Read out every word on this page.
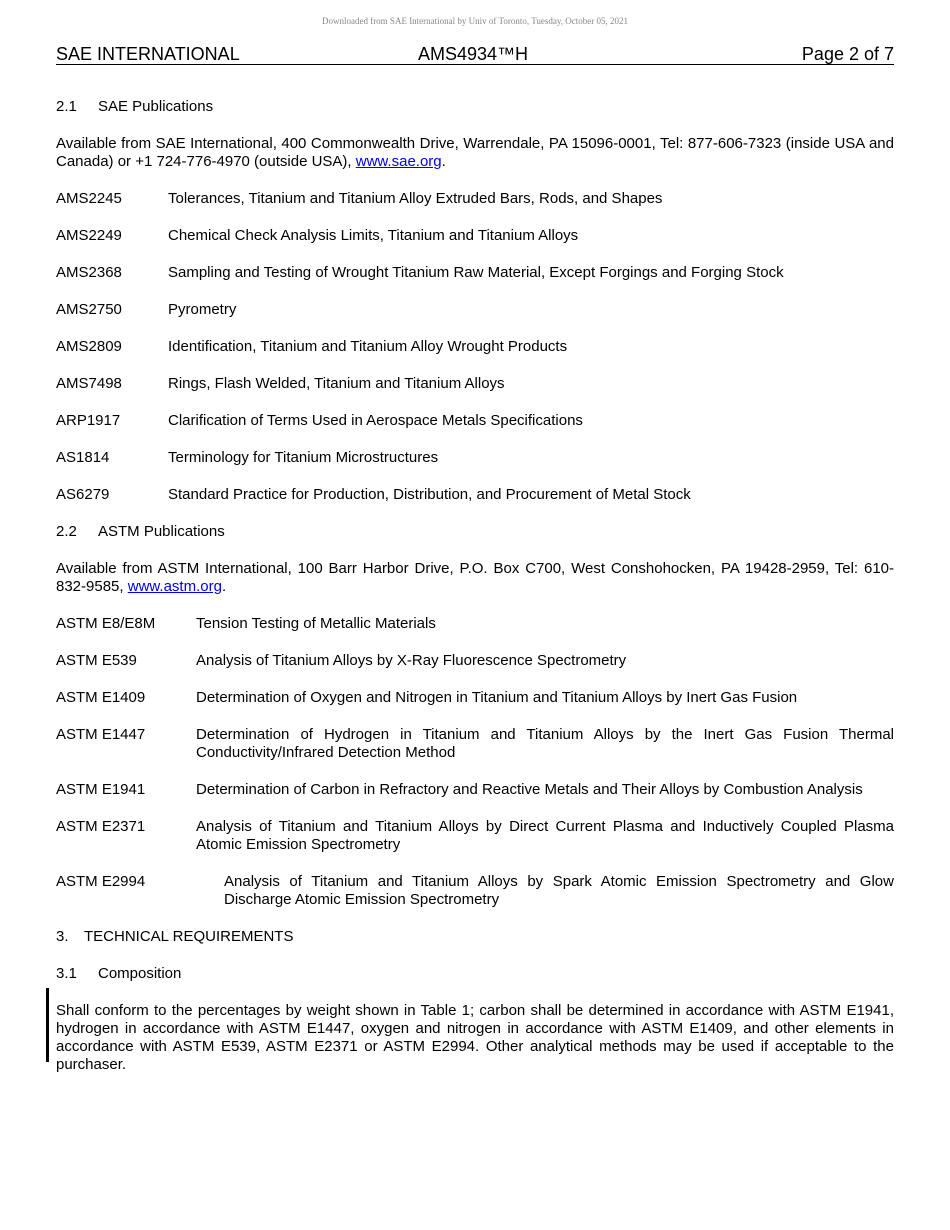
Downloaded from SAE International by Univ of Toronto, Tuesday, October 05, 2021
SAE INTERNATIONAL	AMS4934™H	Page 2 of 7
2.1	SAE Publications
Available from SAE International, 400 Commonwealth Drive, Warrendale, PA 15096-0001, Tel: 877-606-7323 (inside USA and Canada) or +1 724-776-4970 (outside USA), www.sae.org.
AMS2245	Tolerances, Titanium and Titanium Alloy Extruded Bars, Rods, and Shapes
AMS2249	Chemical Check Analysis Limits, Titanium and Titanium Alloys
AMS2368	Sampling and Testing of Wrought Titanium Raw Material, Except Forgings and Forging Stock
AMS2750	Pyrometry
AMS2809	Identification, Titanium and Titanium Alloy Wrought Products
AMS7498	Rings, Flash Welded, Titanium and Titanium Alloys
ARP1917	Clarification of Terms Used in Aerospace Metals Specifications
AS1814	Terminology for Titanium Microstructures
AS6279	Standard Practice for Production, Distribution, and Procurement of Metal Stock
2.2	ASTM Publications
Available from ASTM International, 100 Barr Harbor Drive, P.O. Box C700, West Conshohocken, PA 19428-2959, Tel: 610-832-9585, www.astm.org.
ASTM E8/E8M	Tension Testing of Metallic Materials
ASTM E539	Analysis of Titanium Alloys by X-Ray Fluorescence Spectrometry
ASTM E1409	Determination of Oxygen and Nitrogen in Titanium and Titanium Alloys by Inert Gas Fusion
ASTM E1447	Determination of Hydrogen in Titanium and Titanium Alloys by the Inert Gas Fusion Thermal Conductivity/Infrared Detection Method
ASTM E1941	Determination of Carbon in Refractory and Reactive Metals and Their Alloys by Combustion Analysis
ASTM E2371	Analysis of Titanium and Titanium Alloys by Direct Current Plasma and Inductively Coupled Plasma Atomic Emission Spectrometry
ASTM E2994	Analysis of Titanium and Titanium Alloys by Spark Atomic Emission Spectrometry and Glow Discharge Atomic Emission Spectrometry
3.	TECHNICAL REQUIREMENTS
3.1	Composition
Shall conform to the percentages by weight shown in Table 1; carbon shall be determined in accordance with ASTM E1941, hydrogen in accordance with ASTM E1447, oxygen and nitrogen in accordance with ASTM E1409, and other elements in accordance with ASTM E539, ASTM E2371 or ASTM E2994. Other analytical methods may be used if acceptable to the purchaser.
